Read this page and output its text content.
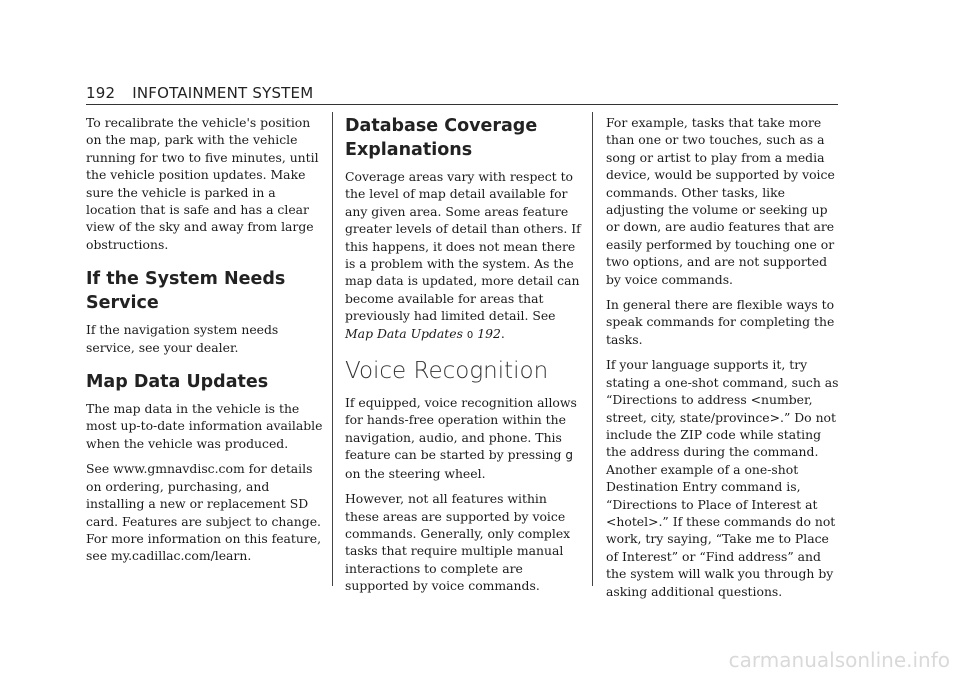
192 INFOTAINMENT SYSTEM

To recalibrate the vehicle's position on the map, park with the vehicle running for two to five minutes, until the vehicle position updates. Make sure the vehicle is parked in a location that is safe and has a clear view of the sky and away from large obstructions.

If the System Needs Service

If the navigation system needs service, see your dealer.

Map Data Updates

The map data in the vehicle is the most up-to-date information available when the vehicle was produced.

See www.gmnavdisc.com for details on ordering, purchasing, and installing a new or replacement SD card. Features are subject to change. For more information on this feature, see my.cadillac.com/learn.

Database Coverage Explanations

Coverage areas vary with respect to the level of map detail available for any given area. Some areas feature greater levels of detail than others. If this happens, it does not mean there is a problem with the system. As the map data is updated, more detail can become available for areas that previously had limited detail. See Map Data Updates 0 192.

Voice Recognition

If equipped, voice recognition allows for hands-free operation within the navigation, audio, and phone. This feature can be started by pressing g on the steering wheel.

However, not all features within these areas are supported by voice commands. Generally, only complex tasks that require multiple manual interactions to complete are supported by voice commands.

For example, tasks that take more than one or two touches, such as a song or artist to play from a media device, would be supported by voice commands. Other tasks, like adjusting the volume or seeking up or down, are audio features that are easily performed by touching one or two options, and are not supported by voice commands.

In general there are flexible ways to speak commands for completing the tasks.

If your language supports it, try stating a one-shot command, such as “Directions to address <number, street, city, state/province>.” Do not include the ZIP code while stating the address during the command. Another example of a one-shot Destination Entry command is, “Directions to Place of Interest at <hotel>.” If these commands do not work, try saying, “Take me to Place of Interest” or “Find address” and the system will walk you through by asking additional questions.

carmanualsonline.info
